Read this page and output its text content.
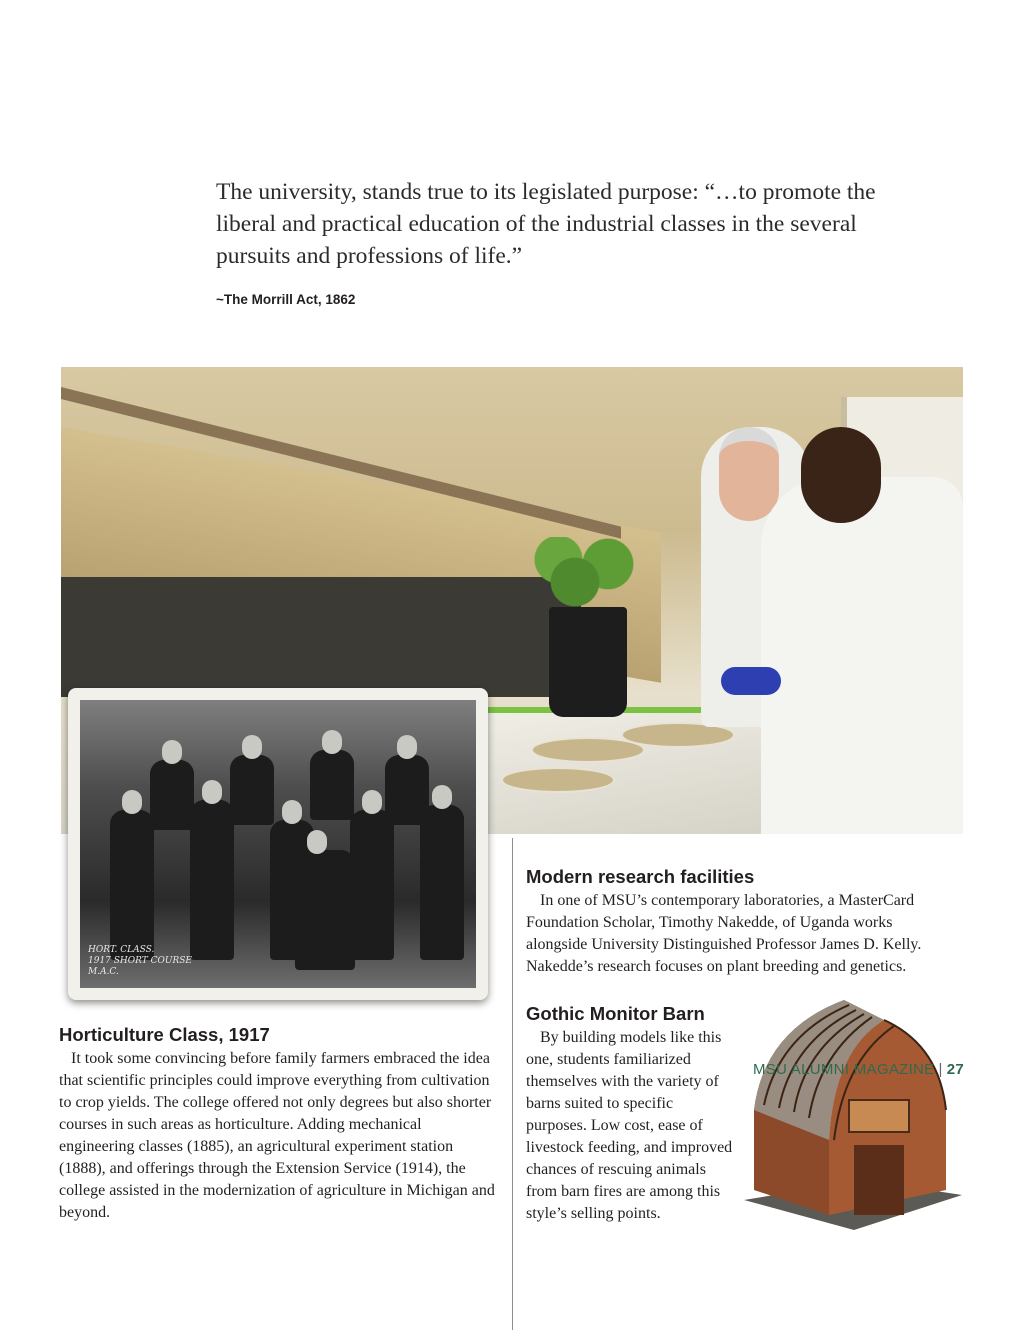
The university, stands true to its legislated purpose: “…to promote the liberal and practical education of the industrial classes in the several pursuits and professions of life.”

~The Morrill Act, 1862
HORT. CLASS.
1917 SHORT COURSE
M.A.C.
Modern research facilities

In one of MSU’s contemporary laboratories, a MasterCard Foundation Scholar, Timothy Nakedde, of Uganda works alongside University Distinguished Professor James D. Kelly. Nakedde’s research focuses on plant breeding and genetics.

Gothic Monitor Barn

By building models like this one, students familiarized themselves with the variety of barns suited to specific purposes. Low cost, ease of livestock feeding, and improved chances of rescuing animals from barn fires are among this style’s selling points.

Horticulture Class, 1917

It took some convincing before family farmers embraced the idea that scientific principles could improve everything from cultivation to crop yields. The college offered not only degrees but also shorter courses in such areas as horticulture. Adding mechanical engineering classes (1885), an agricultural experiment station (1888), and offerings through the Extension Service (1914), the college assisted in the modernization of agriculture in Michigan and beyond.

MSU ALUMNI MAGAZINE | 27
